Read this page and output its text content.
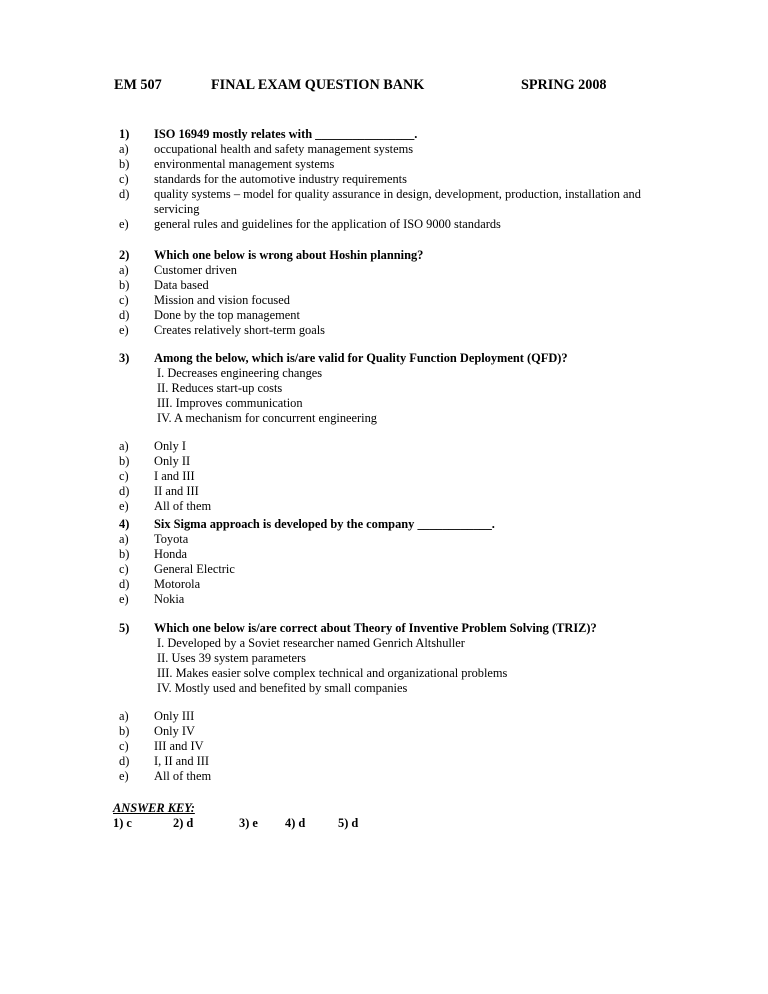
EM 507	FINAL EXAM QUESTION BANK	SPRING 2008
1)	ISO 16949 mostly relates with ________________.
a)	occupational health and safety management systems
b)	environmental management systems
c)	standards for the automotive industry requirements
d)	quality systems – model for quality assurance in design, development, production, installation and servicing
e)	general rules and guidelines for the application of ISO 9000 standards
2)	Which one below is wrong about Hoshin planning?
a)	Customer driven
b)	Data based
c)	Mission and vision focused
d)	Done by the top management
e)	Creates relatively short-term goals
3)	Among the below, which is/are valid for Quality Function Deployment (QFD)?
I. Decreases engineering changes
II. Reduces start-up costs
III. Improves communication
IV. A mechanism for concurrent engineering
a)	Only I
b)	Only II
c)	I and III
d)	II and III
e)	All of them
4)	Six Sigma approach is developed by the company ____________.
a)	Toyota
b)	Honda
c)	General Electric
d)	Motorola
e)	Nokia
5)	Which one below is/are correct about Theory of Inventive Problem Solving (TRIZ)?
I. Developed by a Soviet researcher named Genrich Altshuller
II. Uses 39 system parameters
III. Makes easier solve complex technical and organizational problems
IV. Mostly used and benefited by small companies
a)	Only III
b)	Only IV
c)	III and IV
d)	I, II and III
e)	All of them
ANSWER KEY:
1) c	2) d	3) e 4) d	5) d
